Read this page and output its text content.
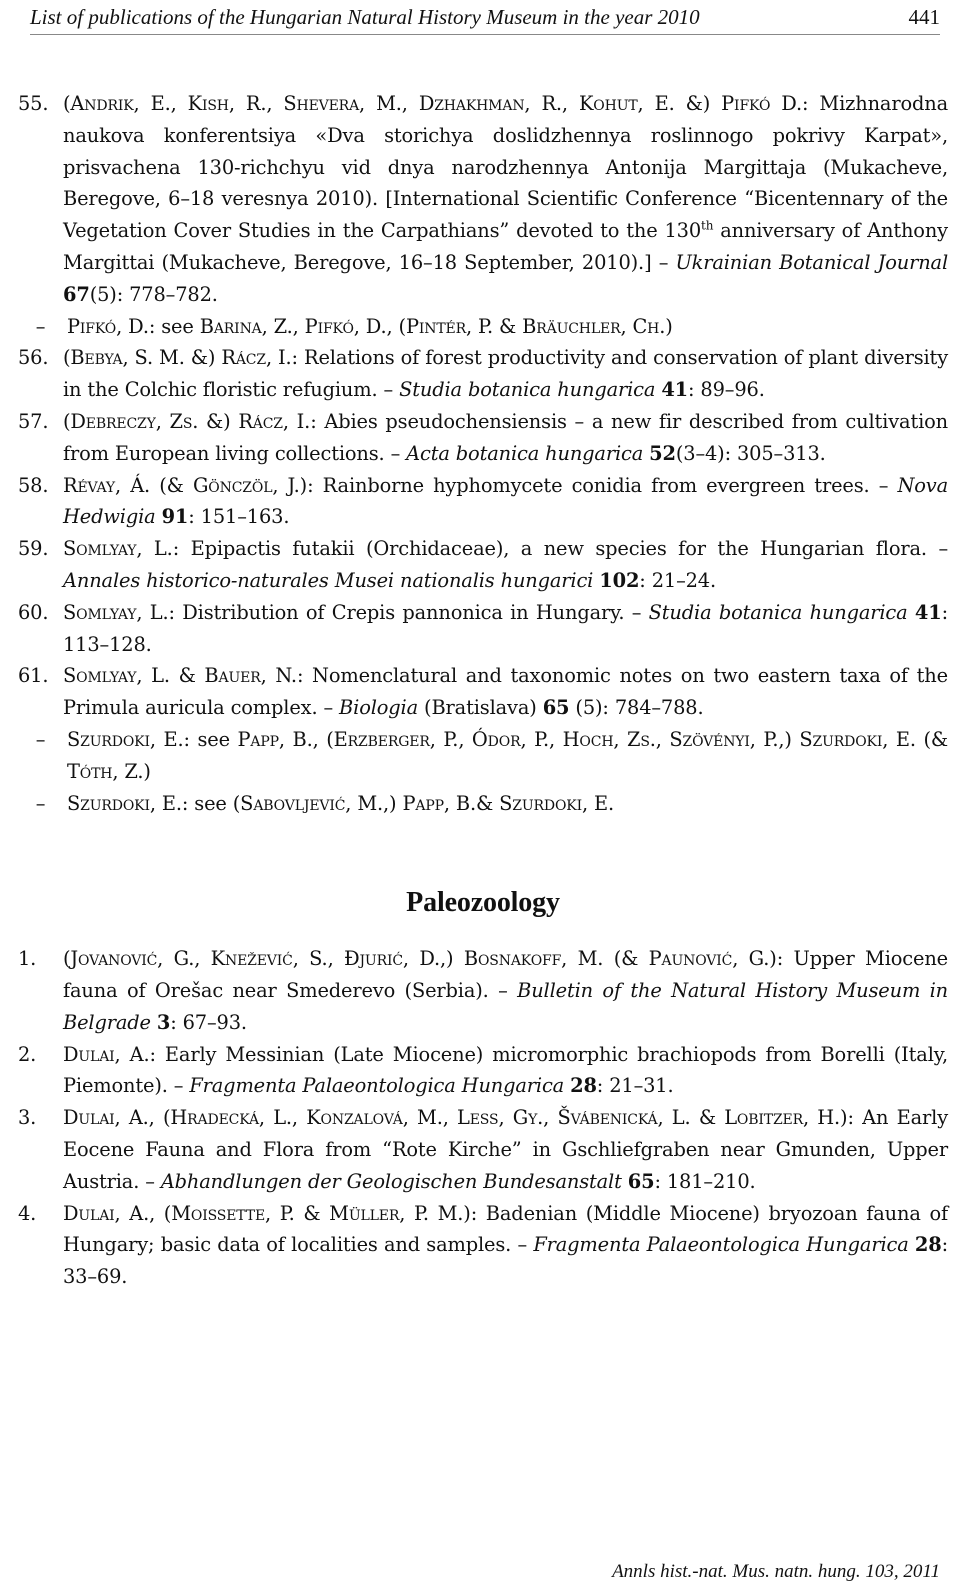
List of publications of the Hungarian Natural History Museum in the year 2010	441
55. (Andrik, E., Kish, R., Shevera, M., Dzhakhman, R., Kohut, E. &) Pifkó D.: Mizhnarodna naukova konferentsiya «Dva storichya doslidzhennya roslinnogo pokrivy Karpat», prisvachena 130-richchyu vid dnya narodzhennya Antonija Margittaja (Mukacheve, Beregove, 6–18 veresnya 2010). [International Scientific Conference “Bicentennary of the Vegetation Cover Studies in the Carpathians” devoted to the 130th anniversary of Anthony Margittai (Mukacheve, Beregove, 16–18 September, 2010).] – Ukrainian Botanical Journal 67(5): 778–782.
–	Pifkó, D.: see Barina, Z., Pifkó, D., (Pintér, P. & Bräuchler, Ch.)
56. (Bebya, S. M. &) Rácz, I.: Relations of forest productivity and conservation of plant diversity in the Colchic floristic refugium. – Studia botanica hungarica 41: 89–96.
57. (Debreczy, Zs. &) Rácz, I.: Abies pseudochensiensis – a new fir described from cultivation from European living collections. – Acta botanica hungarica 52(3–4): 305–313.
58. Révay, Á. (& Gönczöl, J.): Rainborne hyphomycete conidia from evergreen trees. – Nova Hedwigia 91: 151–163.
59. Somlyay, L.: Epipactis futakii (Orchidaceae), a new species for the Hungarian flora. – Annales historico-naturales Musei nationalis hungarici 102: 21–24.
60. Somlyay, L.: Distribution of Crepis pannonica in Hungary. – Studia botanica hungarica 41: 113–128.
61. Somlyay, L. & Bauer, N.: Nomenclatural and taxonomic notes on two eastern taxa of the Primula auricula complex. – Biologia (Bratislava) 65 (5): 784–788.
–	Szurdoki, E.: see Papp, B., (Erzberger, P., Ódor, P., Hoch, Zs., Szövényi, P.,) Szurdoki, E. (& Tóth, Z.)
–	Szurdoki, E.: see (Sabovljević, M.,) Papp, B.& Szurdoki, E.
Paleozoology
1.	(Jovanović, G., Knežević, S., Đjurić, D.,) Bosnakoff, M. (& Paunović, G.): Upper Miocene fauna of Orešac near Smederevo (Serbia). – Bulletin of the Natural History Museum in Belgrade 3: 67–93.
2.	Dulai, A.: Early Messinian (Late Miocene) micromorphic brachiopods from Borelli (Italy, Piemonte). – Fragmenta Palaeontologica Hungarica 28: 21–31.
3.	Dulai, A., (Hradecká, L., Konzalová, M., Less, Gy., Švábenická, L. & Lobitzer, H.): An Early Eocene Fauna and Flora from “Rote Kirche” in Gschliefgraben near Gmunden, Upper Austria. – Abhandlungen der Geologischen Bundesanstalt 65: 181–210.
4.	Dulai, A., (Moissette, P. & Müller, P. M.): Badenian (Middle Miocene) bryozoan fauna of Hungary; basic data of localities and samples. – Fragmenta Palaeontologica Hungarica 28: 33–69.
Annls hist.-nat. Mus. natn. hung. 103, 2011
